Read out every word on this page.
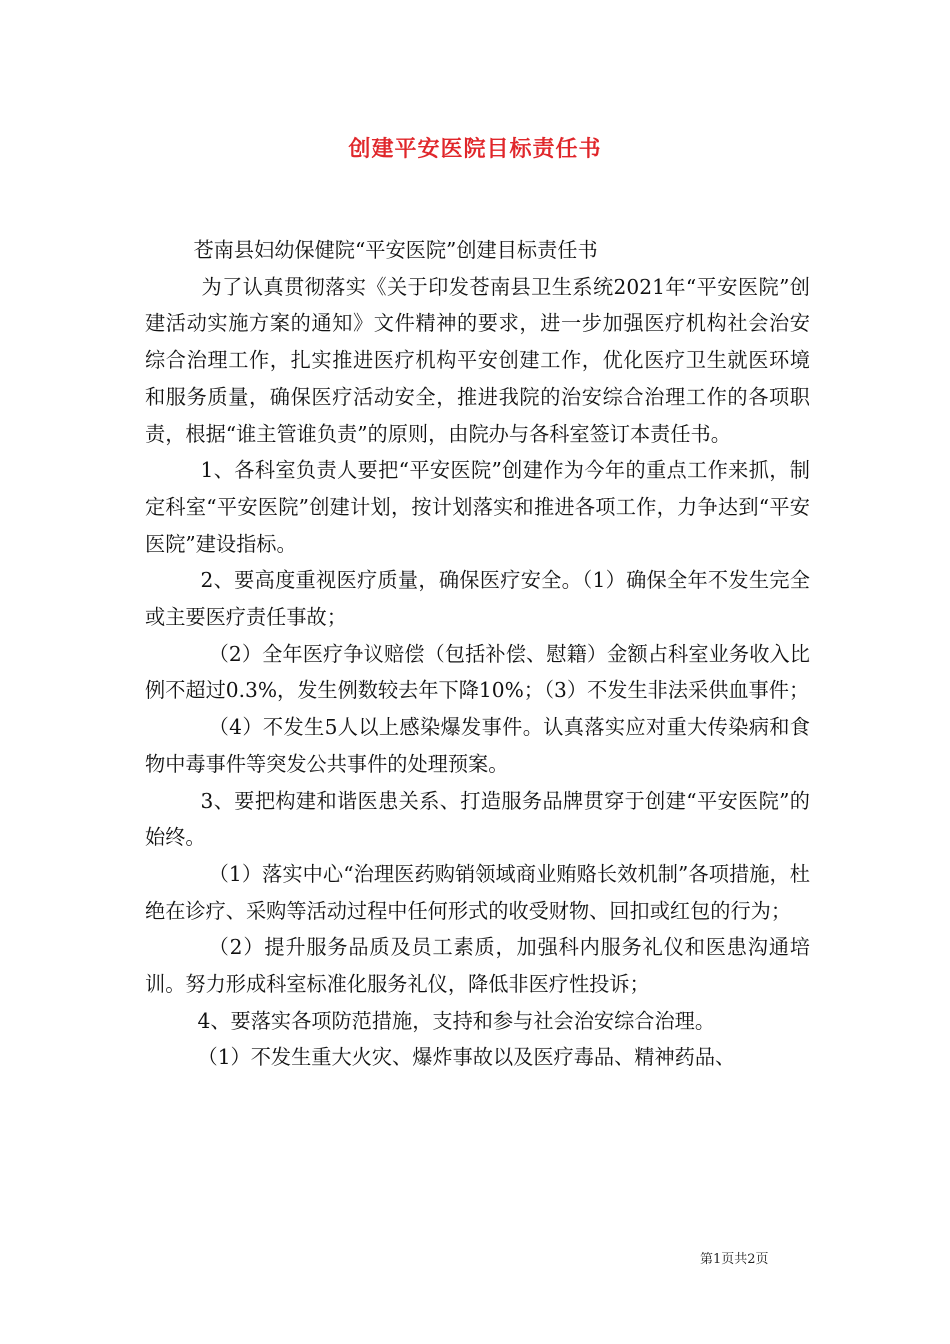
创建平安医院目标责任书

苍南县妇幼保健院“平安医院”创建目标责任书

为了认真贯彻落实《关于印发苍南县卫生系统2021年“平安医院”创建活动实施方案的通知》文件精神的要求，进一步加强医疗机构社会治安综合治理工作，扎实推进医疗机构平安创建工作，优化医疗卫生就医环境和服务质量，确保医疗活动安全，推进我院的治安综合治理工作的各项职责，根据“谁主管谁负责”的原则，由院办与各科室签订本责任书。

1、各科室负责人要把“平安医院”创建作为今年的重点工作来抓，制定科室“平安医院”创建计划，按计划落实和推进各项工作，力争达到“平安医院”建设指标。

2、要高度重视医疗质量，确保医疗安全。（1）确保全年不发生完全或主要医疗责任事故；

（2）全年医疗争议赔偿（包括补偿、慰籍）金额占科室业务收入比例不超过0.3%，发生例数较去年下降10%；（3）不发生非法采供血事件；

（4）不发生5人以上感染爆发事件。认真落实应对重大传染病和食物中毒事件等突发公共事件的处理预案。

3、要把构建和谐医患关系、打造服务品牌贯穿于创建“平安医院”的始终。

（1）落实中心“治理医药购销领域商业贿赂长效机制”各项措施，杜绝在诊疗、采购等活动过程中任何形式的收受财物、回扣或红包的行为；

（2）提升服务品质及员工素质，加强科内服务礼仪和医患沟通培训。努力形成科室标准化服务礼仪，降低非医疗性投诉；

4、要落实各项防范措施，支持和参与社会治安综合治理。

（1）不发生重大火灾、爆炸事故以及医疗毒品、精神药品、

第1页共2页
